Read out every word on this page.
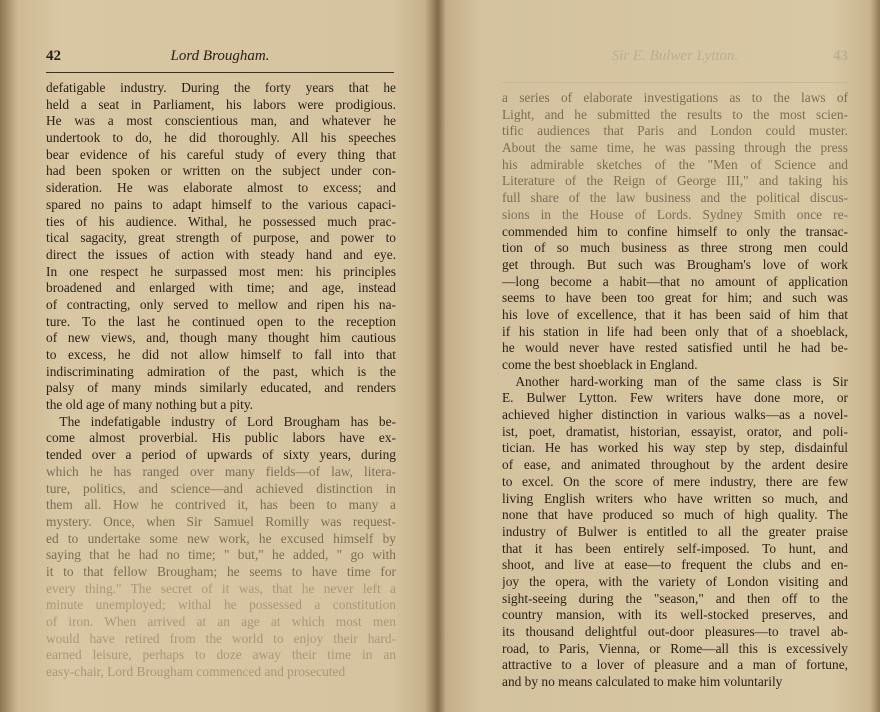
42	Lord Brougham.
defatigable industry. During the forty years that he
held a seat in Parliament, his labors were prodigious.
He was a most conscientious man, and whatever he
undertook to do, he did thoroughly. All his speeches
bear evidence of his careful study of every thing that
had been spoken or written on the subject under con-
sideration. He was elaborate almost to excess; and
spared no pains to adapt himself to the various capaci-
ties of his audience. Withal, he possessed much prac-
tical sagacity, great strength of purpose, and power to
direct the issues of action with steady hand and eye.
In one respect he surpassed most men: his principles
broadened and enlarged with time; and age, instead
of contracting, only served to mellow and ripen his na-
ture. To the last he continued open to the reception
of new views, and, though many thought him cautious
to excess, he did not allow himself to fall into that
indiscriminating admiration of the past, which is the
palsy of many minds similarly educated, and renders
the old age of many nothing but a pity.
 The indefatigable industry of Lord Brougham has be-
come almost proverbial. His public labors have ex-
tended over a period of upwards of sixty years, during
which he has ranged over many fields—of law, litera-
ture, politics, and science—and achieved distinction in
them all. How he contrived it, has been to many a
mystery. Once, when Sir Samuel Romilly was request-
ed to undertake some new work, he excused himself by
saying that he had no time; " but," he added, " go with
it to that fellow Brougham; he seems to have time for
every thing." The secret of it was, that he never left a
minute unemployed; withal he possessed a constitution
of iron. When arrived at an age at which most men
would have retired from the world to enjoy their hard-
earned leisure, perhaps to doze away their time in an
easy-chair, Lord Brougham commenced and prosecuted
Sir E. Bulwer Lytton.	43
a series of elaborate investigations as to the laws of
Light, and he submitted the results to the most scien-
tific audiences that Paris and London could muster.
About the same time, he was passing through the press
his admirable sketches of the "Men of Science and
Literature of the Reign of George III," and taking his
full share of the law business and the political discus-
sions in the House of Lords. Sydney Smith once re-
commended him to confine himself to only the transac-
tion of so much business as three strong men could
get through. But such was Brougham's love of work
—long become a habit—that no amount of application
seems to have been too great for him; and such was
his love of excellence, that it has been said of him that
if his station in life had been only that of a shoeblack,
he would never have rested satisfied until he had be-
come the best shoeblack in England.
 Another hard-working man of the same class is Sir
E. Bulwer Lytton. Few writers have done more, or
achieved higher distinction in various walks—as a novel-
ist, poet, dramatist, historian, essayist, orator, and poli-
tician. He has worked his way step by step, disdainful
of ease, and animated throughout by the ardent desire
to excel. On the score of mere industry, there are few
living English writers who have written so much, and
none that have produced so much of high quality. The
industry of Bulwer is entitled to all the greater praise
that it has been entirely self-imposed. To hunt, and
shoot, and live at ease—to frequent the clubs and en-
joy the opera, with the variety of London visiting and
sight-seeing during the "season," and then off to the
country mansion, with its well-stocked preserves, and
its thousand delightful out-door pleasures—to travel ab-
road, to Paris, Vienna, or Rome—all this is excessively
attractive to a lover of pleasure and a man of fortune,
and by no means calculated to make him voluntarily
